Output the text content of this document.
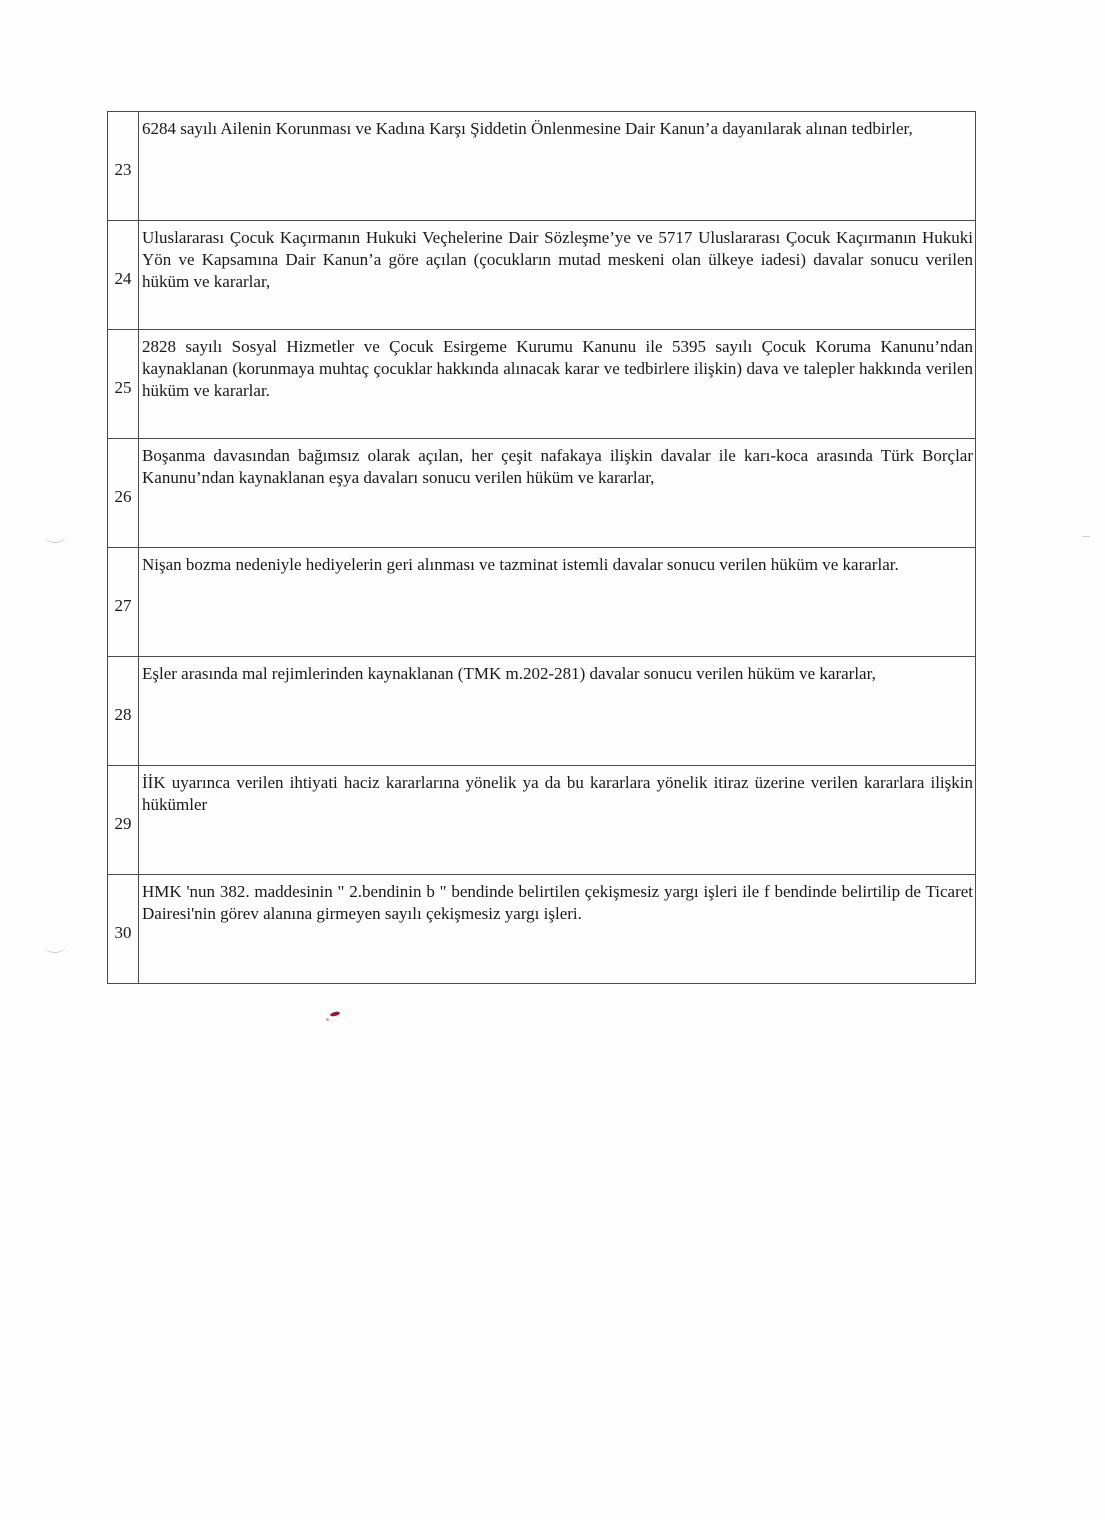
23	6284 sayılı Ailenin Korunması ve Kadına Karşı Şiddetin Önlenmesine Dair Kanun’a dayanılarak alınan tedbirler,
24	Uluslararası Çocuk Kaçırmanın Hukuki Veçhelerine Dair Sözleşme’ye ve 5717 Uluslararası Çocuk Kaçırmanın Hukuki Yön ve Kapsamına Dair Kanun’a göre açılan (çocukların mutad meskeni olan ülkeye iadesi) davalar sonucu verilen hüküm ve kararlar,
25	2828 sayılı Sosyal Hizmetler ve Çocuk Esirgeme Kurumu Kanunu ile 5395 sayılı Çocuk Koruma Kanunu’ndan kaynaklanan (korunmaya muhtaç çocuklar hakkında alınacak karar ve tedbirlere ilişkin) dava ve talepler hakkında verilen hüküm ve kararlar.
26	Boşanma davasından bağımsız olarak açılan, her çeşit nafakaya ilişkin davalar ile karı-koca arasında Türk Borçlar Kanunu’ndan kaynaklanan eşya davaları sonucu verilen hüküm ve kararlar,
27	Nişan bozma nedeniyle hediyelerin geri alınması ve tazminat istemli davalar sonucu verilen hüküm ve kararlar.
28	Eşler arasında mal rejimlerinden kaynaklanan (TMK m.202-281) davalar sonucu verilen hüküm ve kararlar,
29	İİK uyarınca verilen ihtiyati haciz kararlarına yönelik ya da bu kararlara yönelik itiraz üzerine verilen kararlara ilişkin hükümler
30	HMK 'nun 382. maddesinin " 2.bendinin b " bendinde belirtilen çekişmesiz yargı işleri ile f bendinde belirtilip de Ticaret Dairesi'nin görev alanına girmeyen sayılı çekişmesiz yargı işleri.
